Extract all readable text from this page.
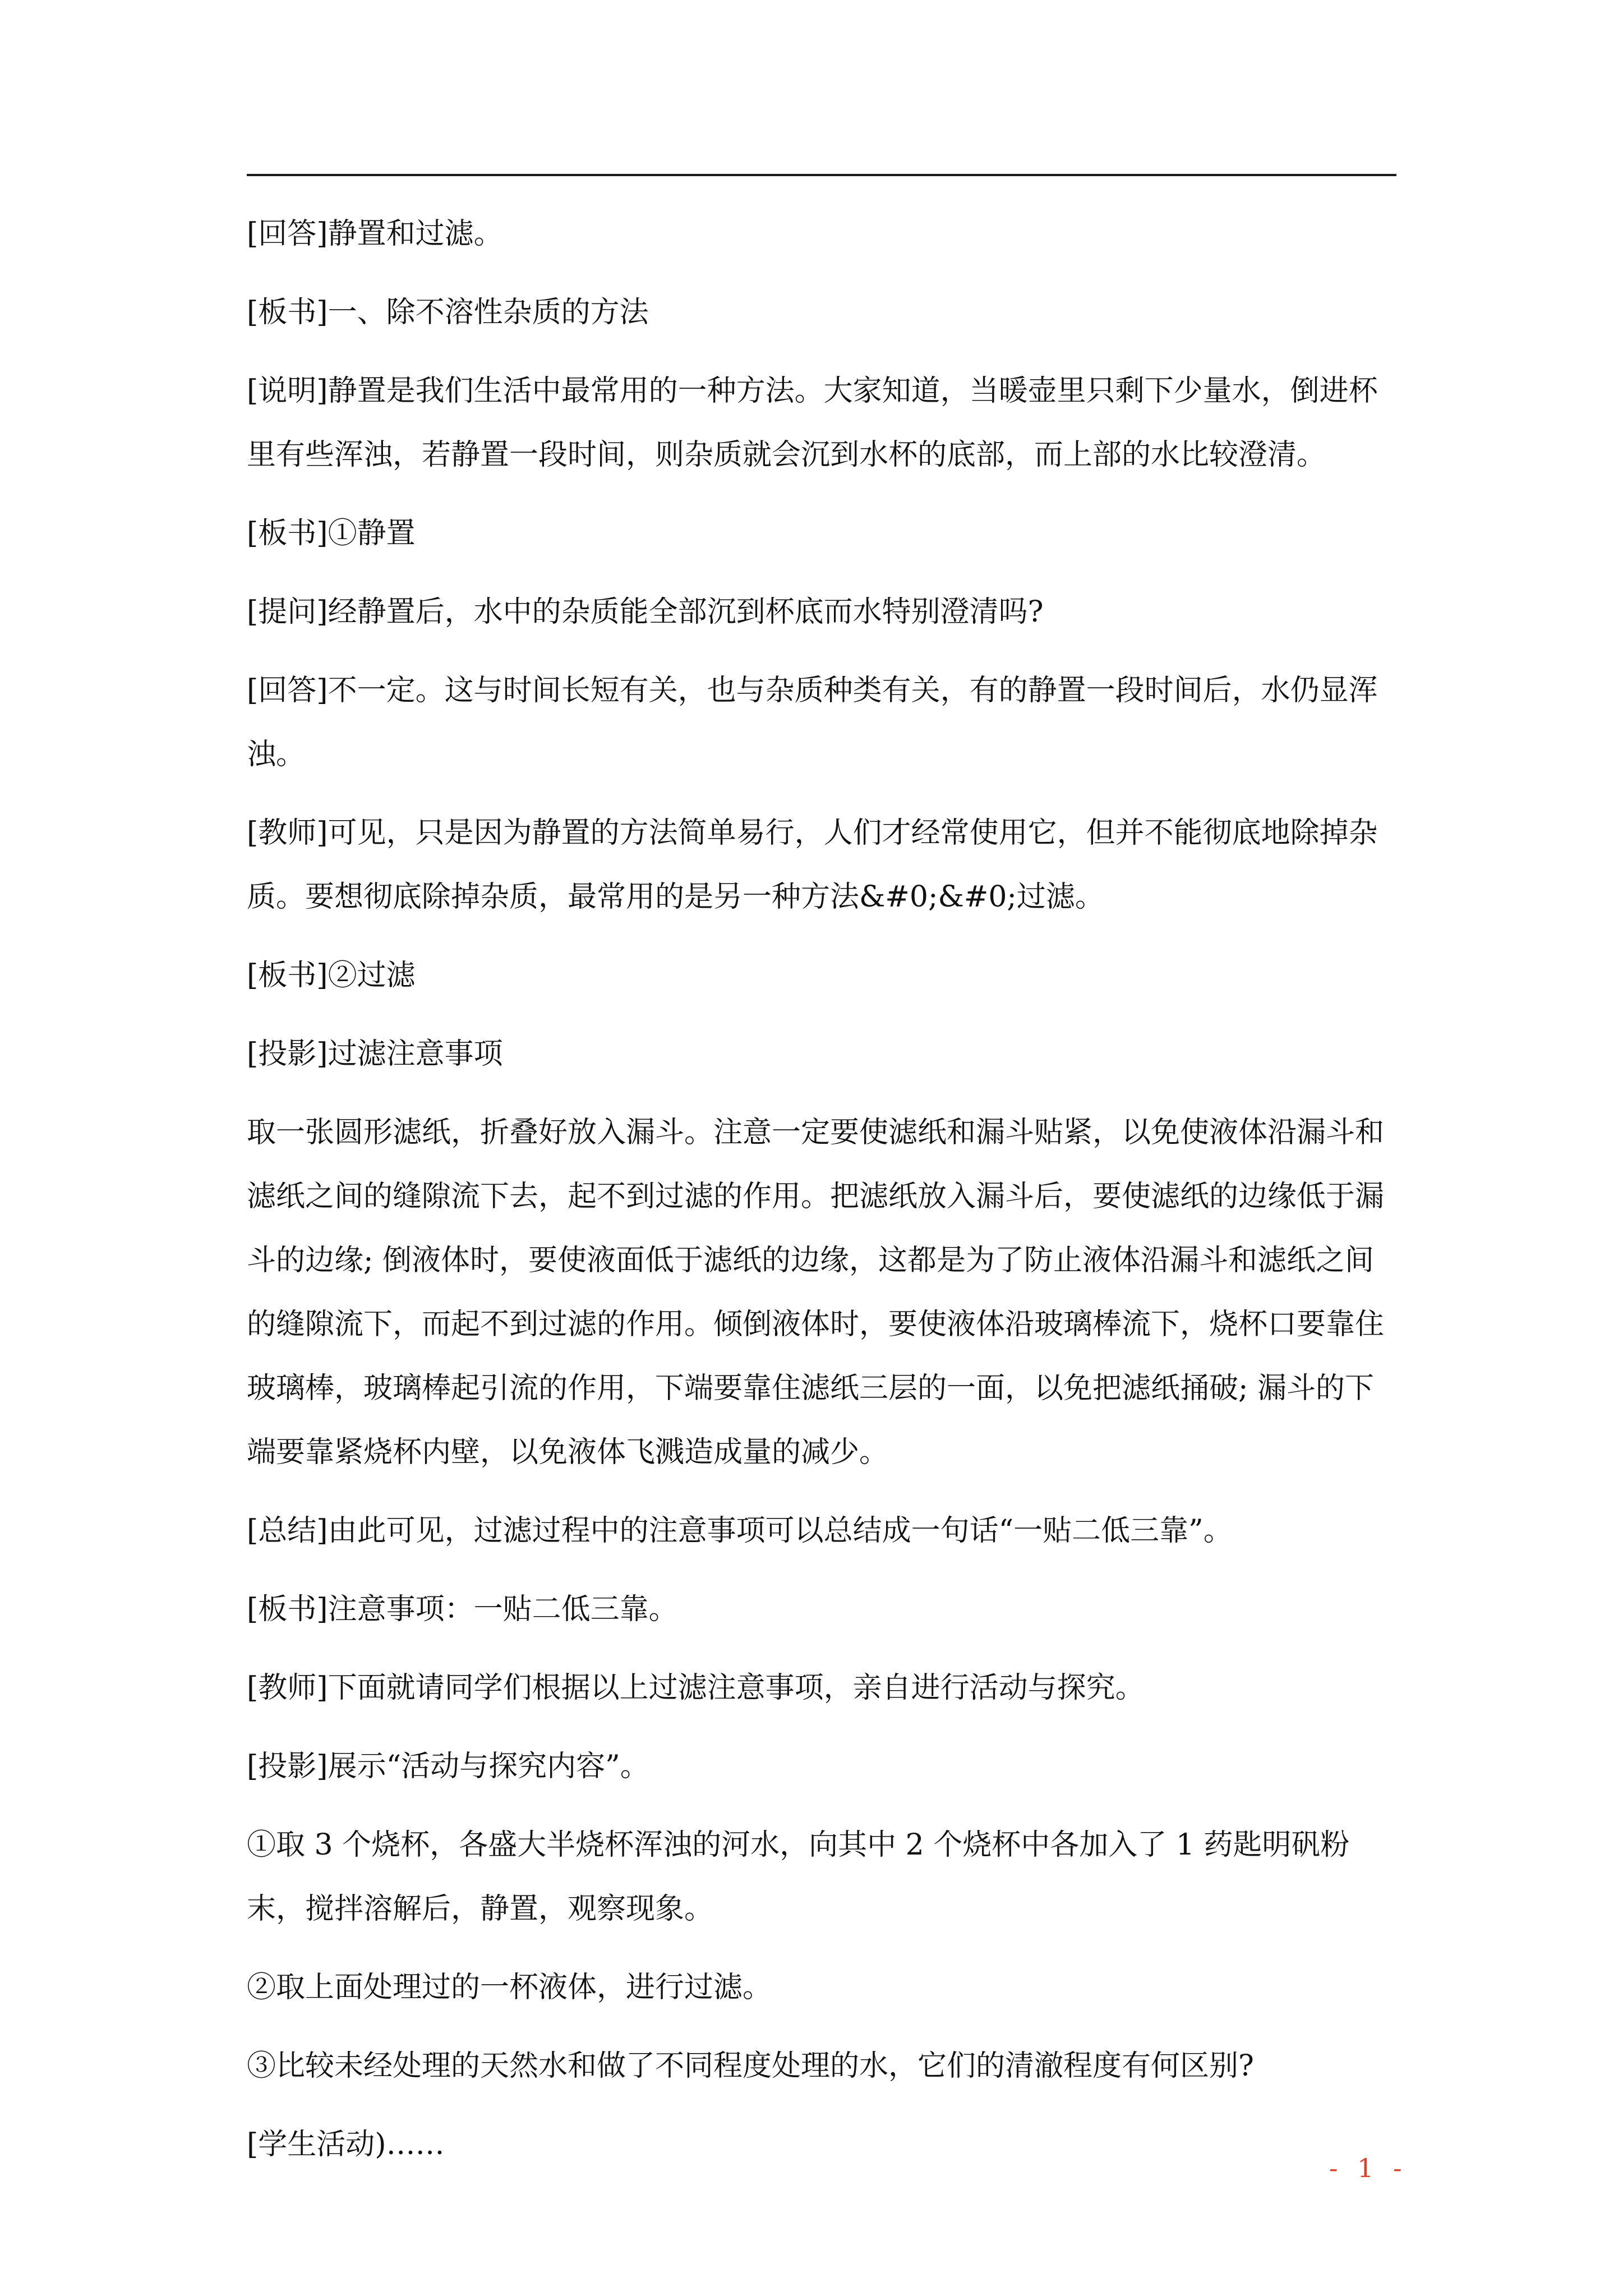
[回答]静置和过滤。

[板书]一、除不溶性杂质的方法

[说明]静置是我们生活中最常用的一种方法。大家知道，当暖壶里只剩下少量水，倒进杯里有些浑浊，若静置一段时间，则杂质就会沉到水杯的底部，而上部的水比较澄清。

[板书]①静置

[提问]经静置后，水中的杂质能全部沉到杯底而水特别澄清吗?

[回答]不一定。这与时间长短有关，也与杂质种类有关，有的静置一段时间后，水仍显浑浊。

[教师]可见，只是因为静置的方法简单易行，人们才经常使用它，但并不能彻底地除掉杂质。要想彻底除掉杂质，最常用的是另一种方法&#0;&#0;过滤。

[板书]②过滤

[投影]过滤注意事项

取一张圆形滤纸，折叠好放入漏斗。注意一定要使滤纸和漏斗贴紧，以免使液体沿漏斗和滤纸之间的缝隙流下去，起不到过滤的作用。把滤纸放入漏斗后，要使滤纸的边缘低于漏斗的边缘; 倒液体时，要使液面低于滤纸的边缘，这都是为了防止液体沿漏斗和滤纸之间的缝隙流下，而起不到过滤的作用。倾倒液体时，要使液体沿玻璃棒流下，烧杯口要靠住玻璃棒，玻璃棒起引流的作用，下端要靠住滤纸三层的一面，以免把滤纸捅破; 漏斗的下端要靠紧烧杯内壁，以免液体飞溅造成量的减少。

[总结]由此可见，过滤过程中的注意事项可以总结成一句话“一贴二低三靠”。

[板书]注意事项：一贴二低三靠。

[教师]下面就请同学们根据以上过滤注意事项，亲自进行活动与探究。

[投影]展示“活动与探究内容”。

①取 3 个烧杯，各盛大半烧杯浑浊的河水，向其中 2 个烧杯中各加入了 1 药匙明矾粉末，搅拌溶解后，静置，观察现象。

②取上面处理过的一杯液体，进行过滤。

③比较未经处理的天然水和做了不同程度处理的水，它们的清澈程度有何区别?

[学生活动)……

- 1 -
